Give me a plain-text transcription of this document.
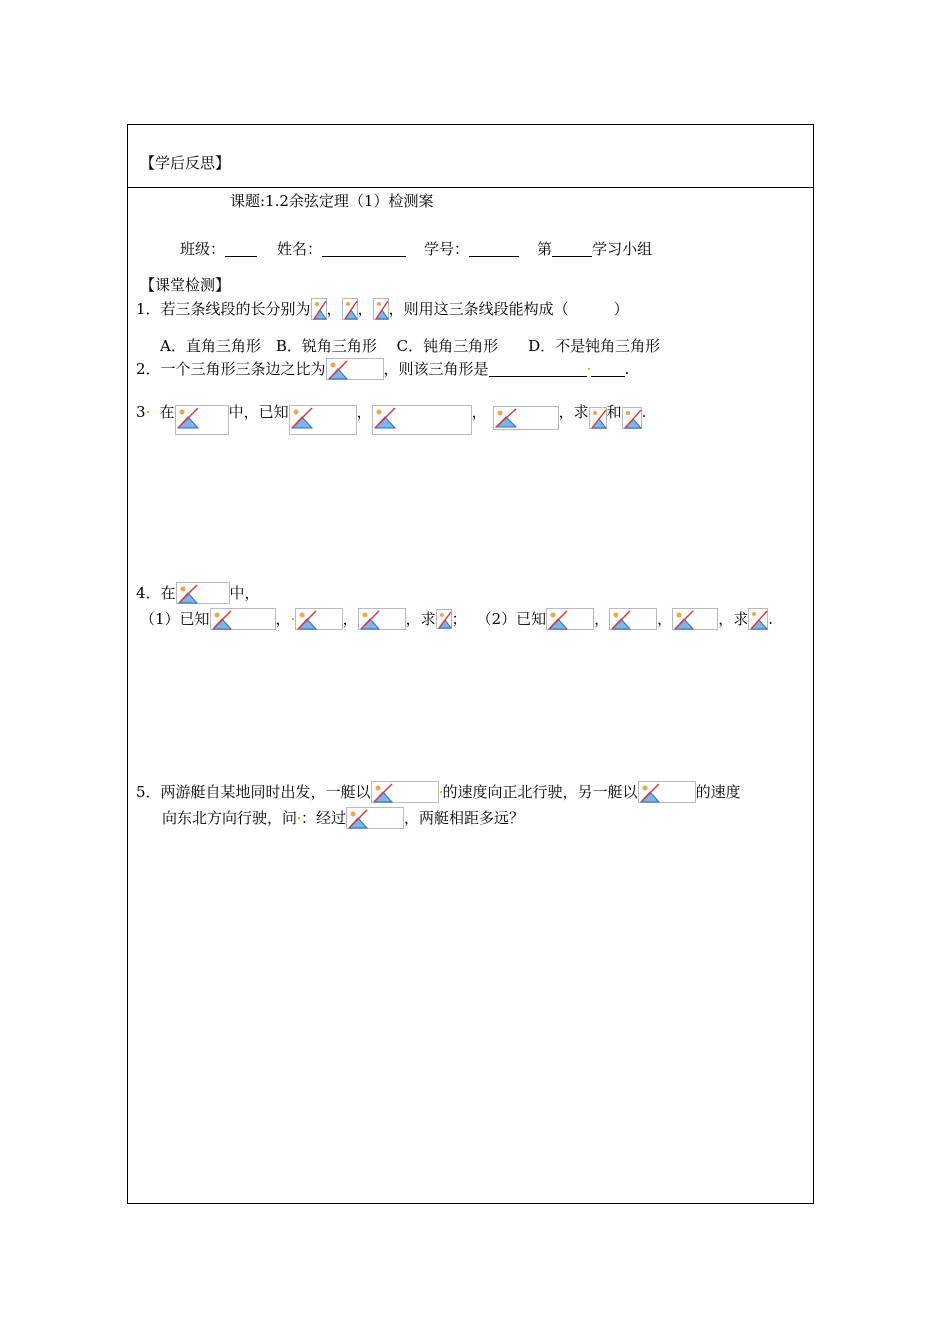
【学后反思】
课题:1.2余弦定理（1）检测案
班级：	姓名：	学号：	第	学习小组
【课堂检测】
1．若三条线段的长分别为 ， ， ，则用这三条线段能构成（　　　）
A．直角三角形　B．锐角三角形　 C．钝角三角形　　D．不是钝角三角形
2．一个三角形三条边之比为	，则该三角形是	.
3 在	中，已知	，	，	，求 和 .
4．在	中，
（1）已知	，	，	，求 ； （2）已知	，	，	，求 .
5．两游艇自某地同时出发，一艇以	的速度向正北行驶，另一艇以	的速度
向东北方向行驶，问 ：经过	，两艇相距多远？
